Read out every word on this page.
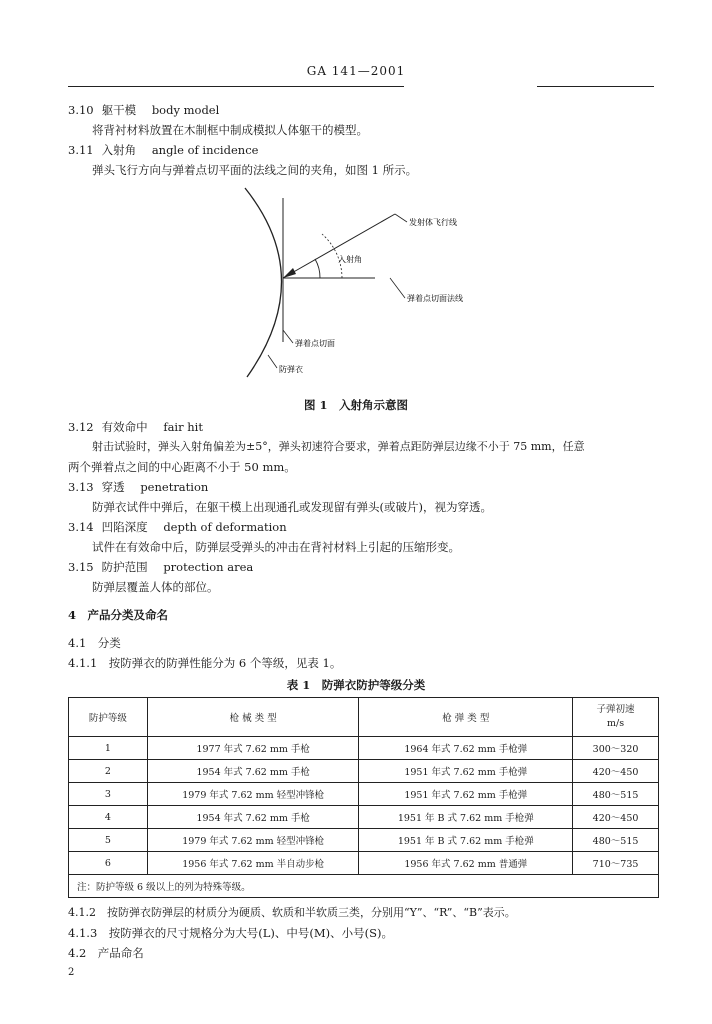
GA 141—2001
3.10 躯干模 body model
将背衬材料放置在木制框中制成模拟人体躯干的模型。
3.11 入射角 angle of incidence
弹头飞行方向与弹着点切平面的法线之间的夹角，如图 1 所示。
发射体飞行线
入射角
弹着点切面法线
弹着点切面
防弹衣
图 1　入射角示意图
3.12 有效命中 fair hit
射击试验时，弹头入射角偏差为±5°，弹头初速符合要求，弹着点距防弹层边缘不小于 75 mm，任意
两个弹着点之间的中心距离不小于 50 mm。
3.13 穿透 penetration
防弹衣试件中弹后，在躯干模上出现通孔或发现留有弹头(或破片)，视为穿透。
3.14 凹陷深度 depth of deformation
试件在有效命中后，防弹层受弹头的冲击在背衬材料上引起的压缩形变。
3.15 防护范围 protection area
防弹层覆盖人体的部位。
4　产品分类及命名
4.1　分类
4.1.1　按防弹衣的防弹性能分为 6 个等级，见表 1。
表 1　防弹衣防护等级分类
防护等级	枪 械 类 型	枪 弹 类 型	子弹初速
m/s

1	1977 年式 7.62 mm 手枪	1964 年式 7.62 mm 手枪弹	300～320
2	1954 年式 7.62 mm 手枪	1951 年式 7.62 mm 手枪弹	420～450
3	1979 年式 7.62 mm 轻型冲锋枪	1951 年式 7.62 mm 手枪弹	480～515
4	1954 年式 7.62 mm 手枪	1951 年 B 式 7.62 mm 手枪弹	420～450
5	1979 年式 7.62 mm 轻型冲锋枪	1951 年 B 式 7.62 mm 手枪弹	480～515
6	1956 年式 7.62 mm 半自动步枪	1956 年式 7.62 mm 普通弹	710～735
注：防护等级 6 级以上的列为特殊等级。			
4.1.2　按防弹衣防弹层的材质分为硬质、软质和半软质三类，分别用“Y”、“R”、“B”表示。
4.1.3　按防弹衣的尺寸规格分为大号(L)、中号(M)、小号(S)。
4.2　产品命名
2
